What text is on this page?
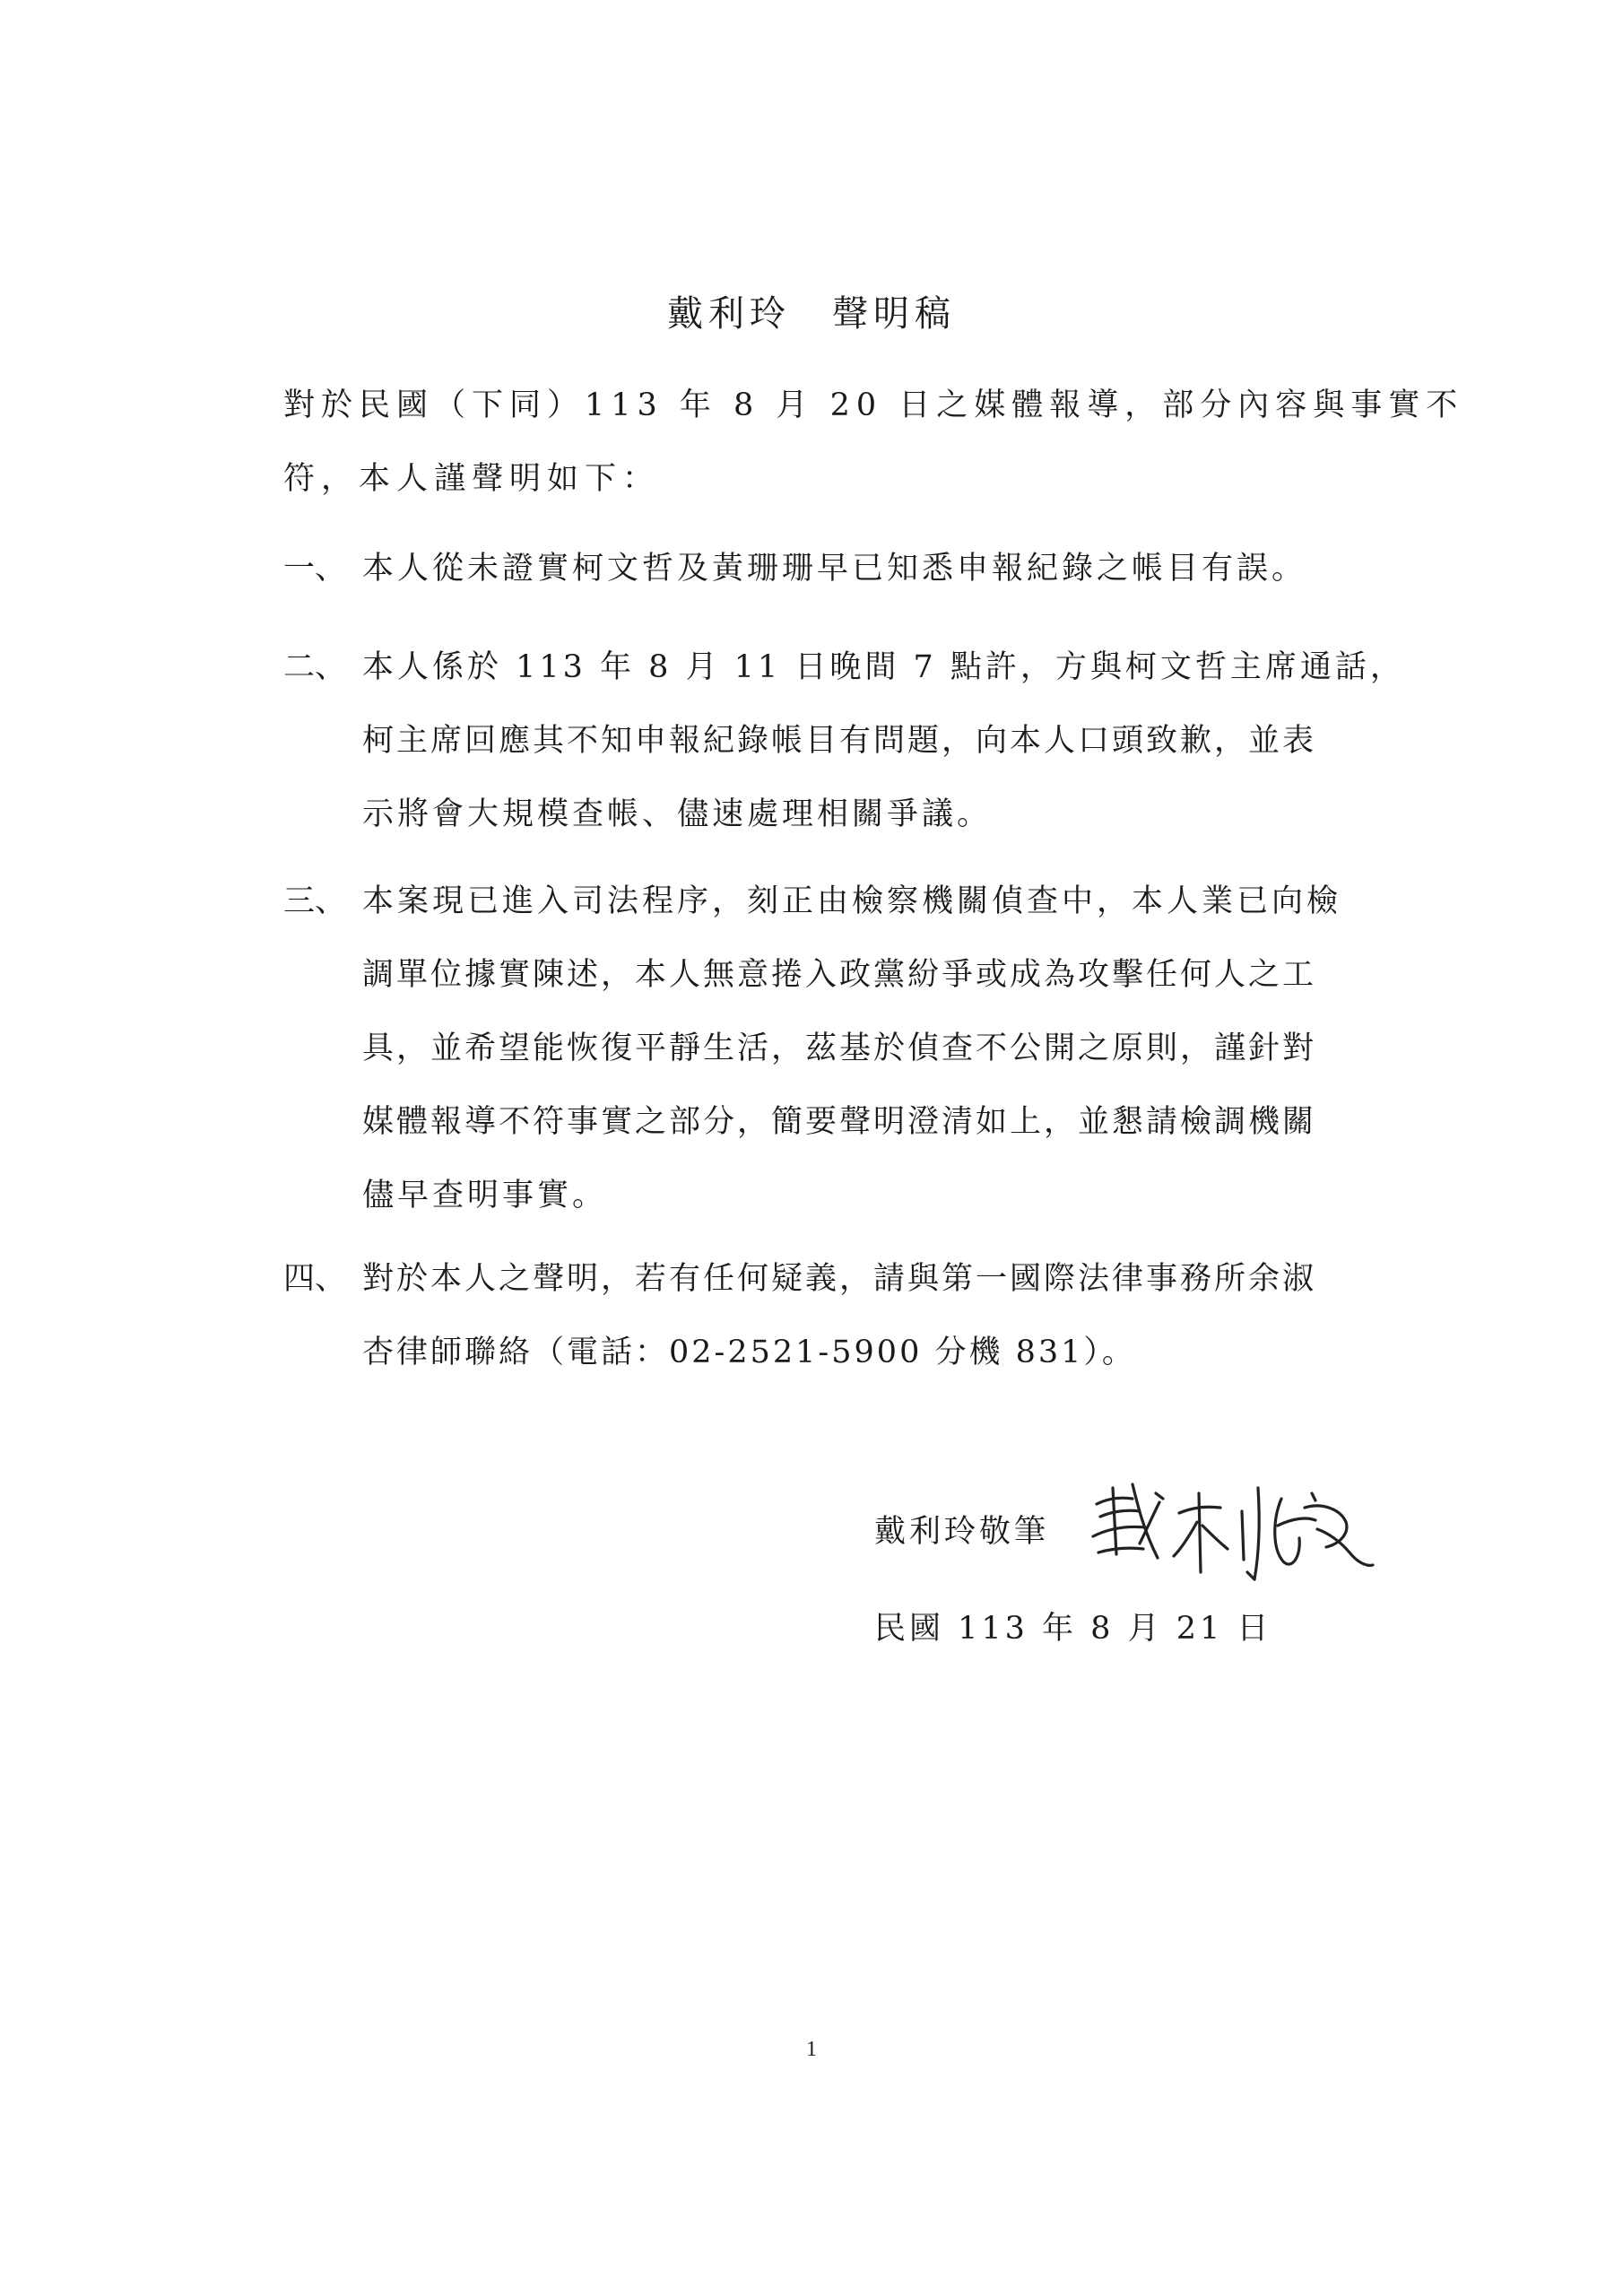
戴利玲　聲明稿

對於民國（下同）113 年 8 月 20 日之媒體報導，部分內容與事實不

符，本人謹聲明如下：

一、 本人從未證實柯文哲及黃珊珊早已知悉申報紀錄之帳目有誤。

二、 本人係於 113 年 8 月 11 日晚間 7 點許，方與柯文哲主席通話，

柯主席回應其不知申報紀錄帳目有問題，向本人口頭致歉，並表

示將會大規模查帳、儘速處理相關爭議。

三、 本案現已進入司法程序，刻正由檢察機關偵查中，本人業已向檢

調單位據實陳述，本人無意捲入政黨紛爭或成為攻擊任何人之工

具，並希望能恢復平靜生活，茲基於偵查不公開之原則，謹針對

媒體報導不符事實之部分，簡要聲明澄清如上，並懇請檢調機關

儘早查明事實。

四、 對於本人之聲明，若有任何疑義，請與第一國際法律事務所余淑

杏律師聯絡（電話：02-2521-5900 分機 831）。

戴利玲敬筆
民國 113 年 8 月 21 日
1
